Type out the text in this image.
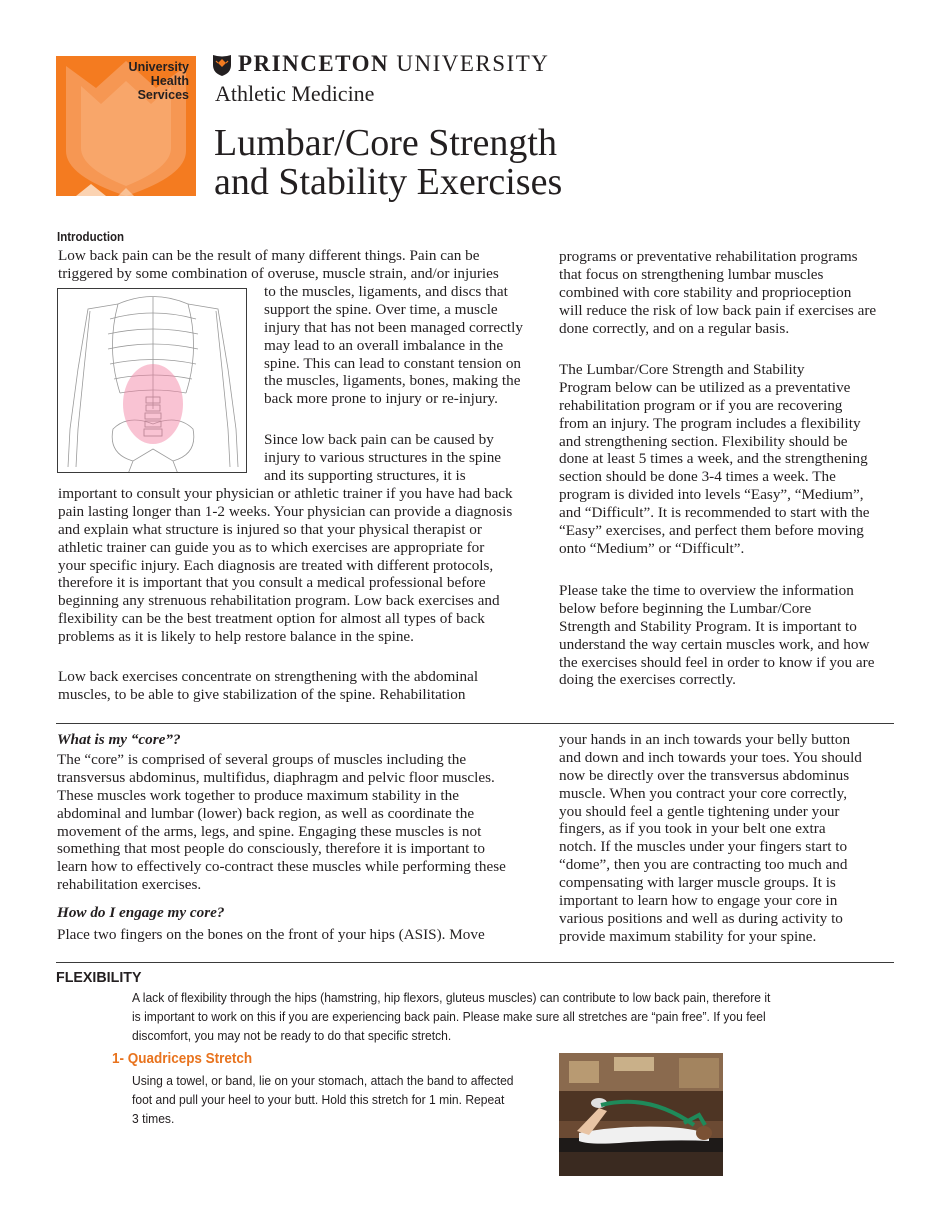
University
Health
Services
PRINCETON UNIVERSITY
Athletic Medicine
Lumbar/Core Strength
and Stability Exercises
Introduction
Low back pain can be the result of many different things. Pain can be
triggered by some combination of overuse, muscle strain, and/or injuries
to the muscles, ligaments, and discs that
support the spine. Over time, a muscle
injury that has not been managed correctly
may lead to an overall imbalance in the
spine. This can lead to constant tension on
the muscles, ligaments, bones, making the
back more prone to injury or re-injury.
Since low back pain can be caused by
injury to various structures in the spine
and its supporting structures, it is
important to consult your physician or athletic trainer if you have had back
pain lasting longer than 1-2 weeks. Your physician can provide a diagnosis
and explain what structure is injured so that your physical therapist or
athletic trainer can guide you as to which exercises are appropriate for
your specific injury. Each diagnosis are treated with different protocols,
therefore it is important that you consult a medical professional before
beginning any strenuous rehabilitation program. Low back exercises and
flexibility can be the best treatment option for almost all types of back
problems as it is likely to help restore balance in the spine.
Low back exercises concentrate on strengthening with the abdominal
muscles, to be able to give stabilization of the spine. Rehabilitation
programs or preventative rehabilitation programs
that focus on strengthening lumbar muscles
combined with core stability and proprioception
will reduce the risk of low back pain if exercises are
done correctly, and on a regular basis.
The Lumbar/Core Strength and Stability
Program below can be utilized as a preventative
rehabilitation program or if you are recovering
from an injury. The program includes a flexibility
and strengthening section. Flexibility should be
done at least 5 times a week, and the strengthening
section should be done 3-4 times a week. The
program is divided into levels “Easy”, “Medium”,
and “Difficult”. It is recommended to start with the
“Easy” exercises, and perfect them before moving
onto “Medium” or “Difficult”.
Please take the time to overview the information
below before beginning the Lumbar/Core
Strength and Stability Program. It is important to
understand the way certain muscles work, and how
the exercises should feel in order to know if you are
doing the exercises correctly.
What is my “core”?
The “core” is comprised of several groups of muscles including the
transversus abdominus, multifidus, diaphragm and pelvic floor muscles.
These muscles work together to produce maximum stability in the
abdominal and lumbar (lower) back region, as well as coordinate the
movement of the arms, legs, and spine. Engaging these muscles is not
something that most people do consciously, therefore it is important to
learn how to effectively co-contract these muscles while performing these
rehabilitation exercises.
How do I engage my core?
Place two fingers on the bones on the front of your hips (ASIS). Move
your hands in an inch towards your belly button
and down and inch towards your toes. You should
now be directly over the transversus abdominus
muscle. When you contract your core correctly,
you should feel a gentle tightening under your
fingers, as if you took in your belt one extra
notch. If the muscles under your fingers start to
“dome”, then you are contracting too much and
compensating with larger muscle groups. It is
important to learn how to engage your core in
various positions and well as during activity to
provide maximum stability for your spine.
FLEXIBILITY
A lack of flexibility through the hips (hamstring, hip flexors, gluteus muscles) can contribute to low back pain, therefore it
is important to work on this if you are experiencing back pain. Please make sure all stretches are “pain free”. If you feel
discomfort, you may not be ready to do that specific stretch.
1- Quadriceps Stretch
Using a towel, or band, lie on your stomach, attach the band to affected
foot and pull your heel to your butt. Hold this stretch for 1 min. Repeat
3 times.
